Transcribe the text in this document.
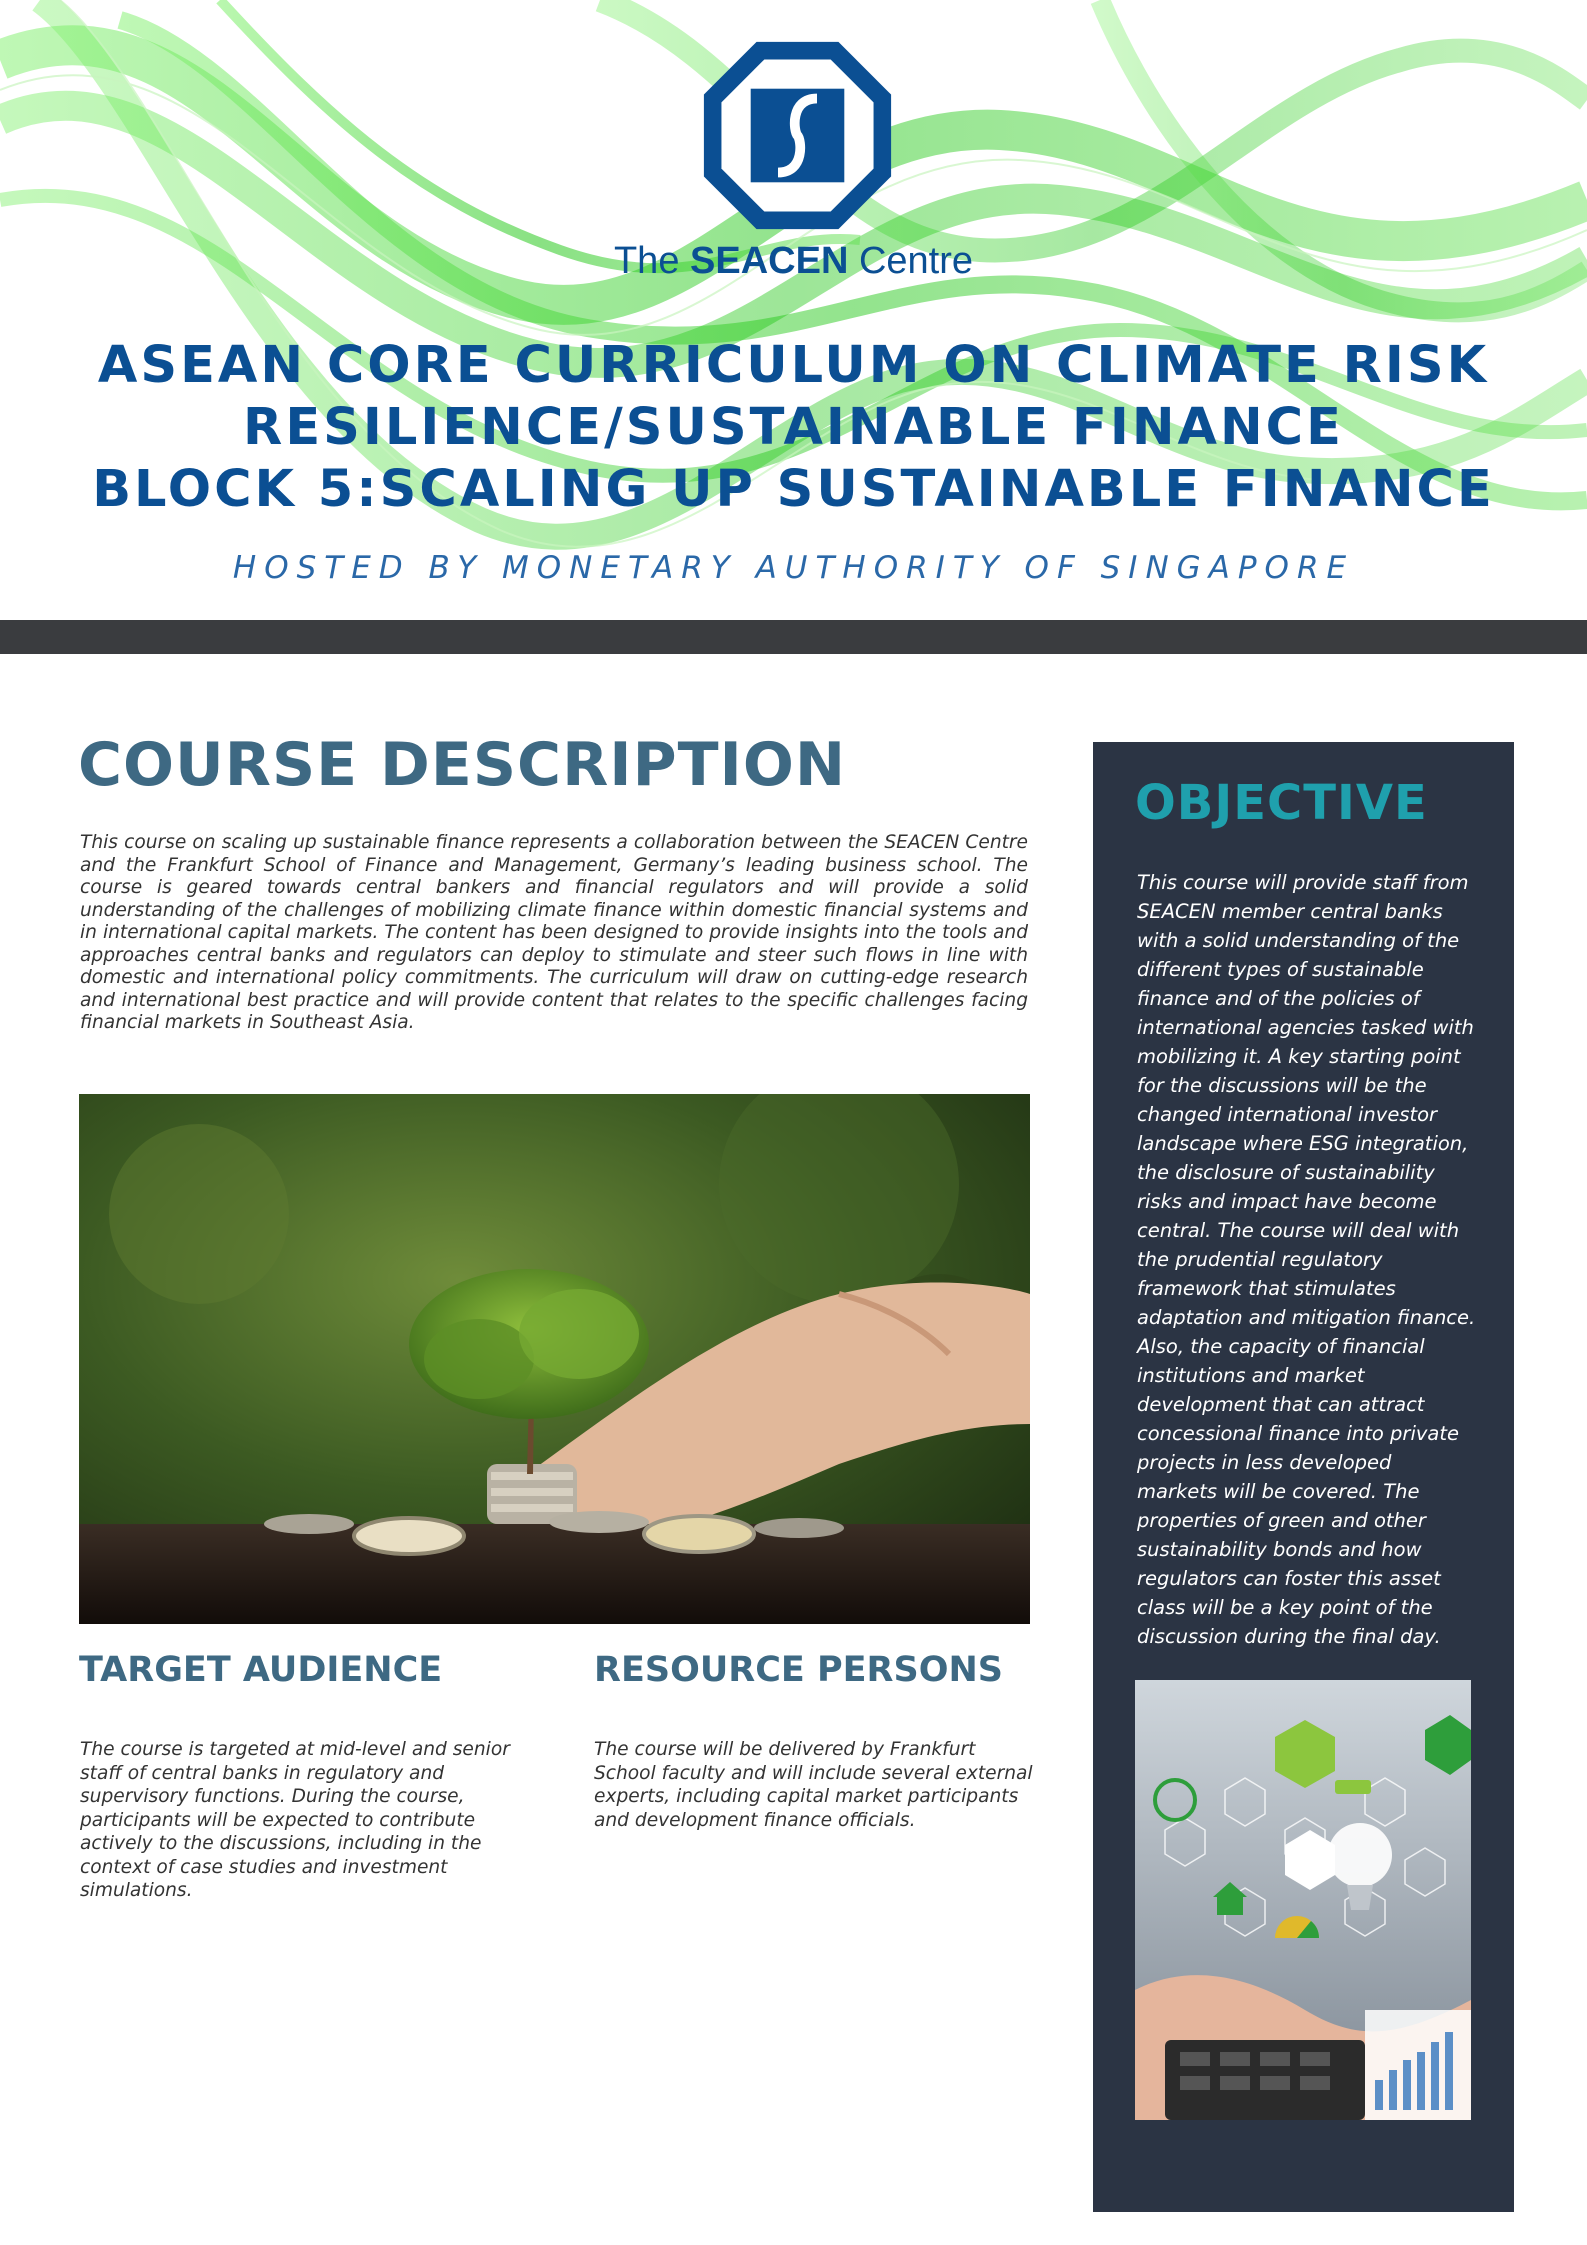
The SEACEN Centre
ASEAN CORE CURRICULUM ON CLIMATE RISK
RESILIENCE/SUSTAINABLE FINANCE
BLOCK 5:SCALING UP SUSTAINABLE FINANCE
HOSTED BY MONETARY AUTHORITY OF SINGAPORE
COURSE DESCRIPTION
This course on scaling up sustainable finance represents a collaboration between the SEACEN Centre and the Frankfurt School of Finance and Management, Germany’s leading business school. The course is geared towards central bankers and financial regulators and will provide a solid understanding of the challenges of mobilizing climate finance within domestic financial systems and in international capital markets. The content has been designed to provide insights into the tools and approaches central banks and regulators can deploy to stimulate and steer such flows in line with domestic and international policy commitments. The curriculum will draw on cutting-edge research and international best practice and will provide content that relates to the specific challenges facing financial markets in Southeast Asia.
TARGET AUDIENCE
The course is targeted at mid-level and senior staff of central banks in regulatory and supervisory functions. During the course, participants will be expected to contribute actively to the discussions, including in the context of case studies and investment simulations.
RESOURCE PERSONS
The course will be delivered by Frankfurt School faculty and will include several external experts, including capital market participants and development finance officials.
OBJECTIVE
This course will provide staff from SEACEN member central banks with a solid understanding of the different types of sustainable finance and of the policies of international agencies tasked with mobilizing it. A key starting point for the discussions will be the changed international investor landscape where ESG integration, the disclosure of sustainability risks and impact have become central. The course will deal with the prudential regulatory framework that stimulates adaptation and mitigation finance. Also, the capacity of financial institutions and market development that can attract concessional finance into private projects in less developed markets will be covered. The properties of green and other sustainability bonds and how regulators can foster this asset class will be a key point of the discussion during the final day.
